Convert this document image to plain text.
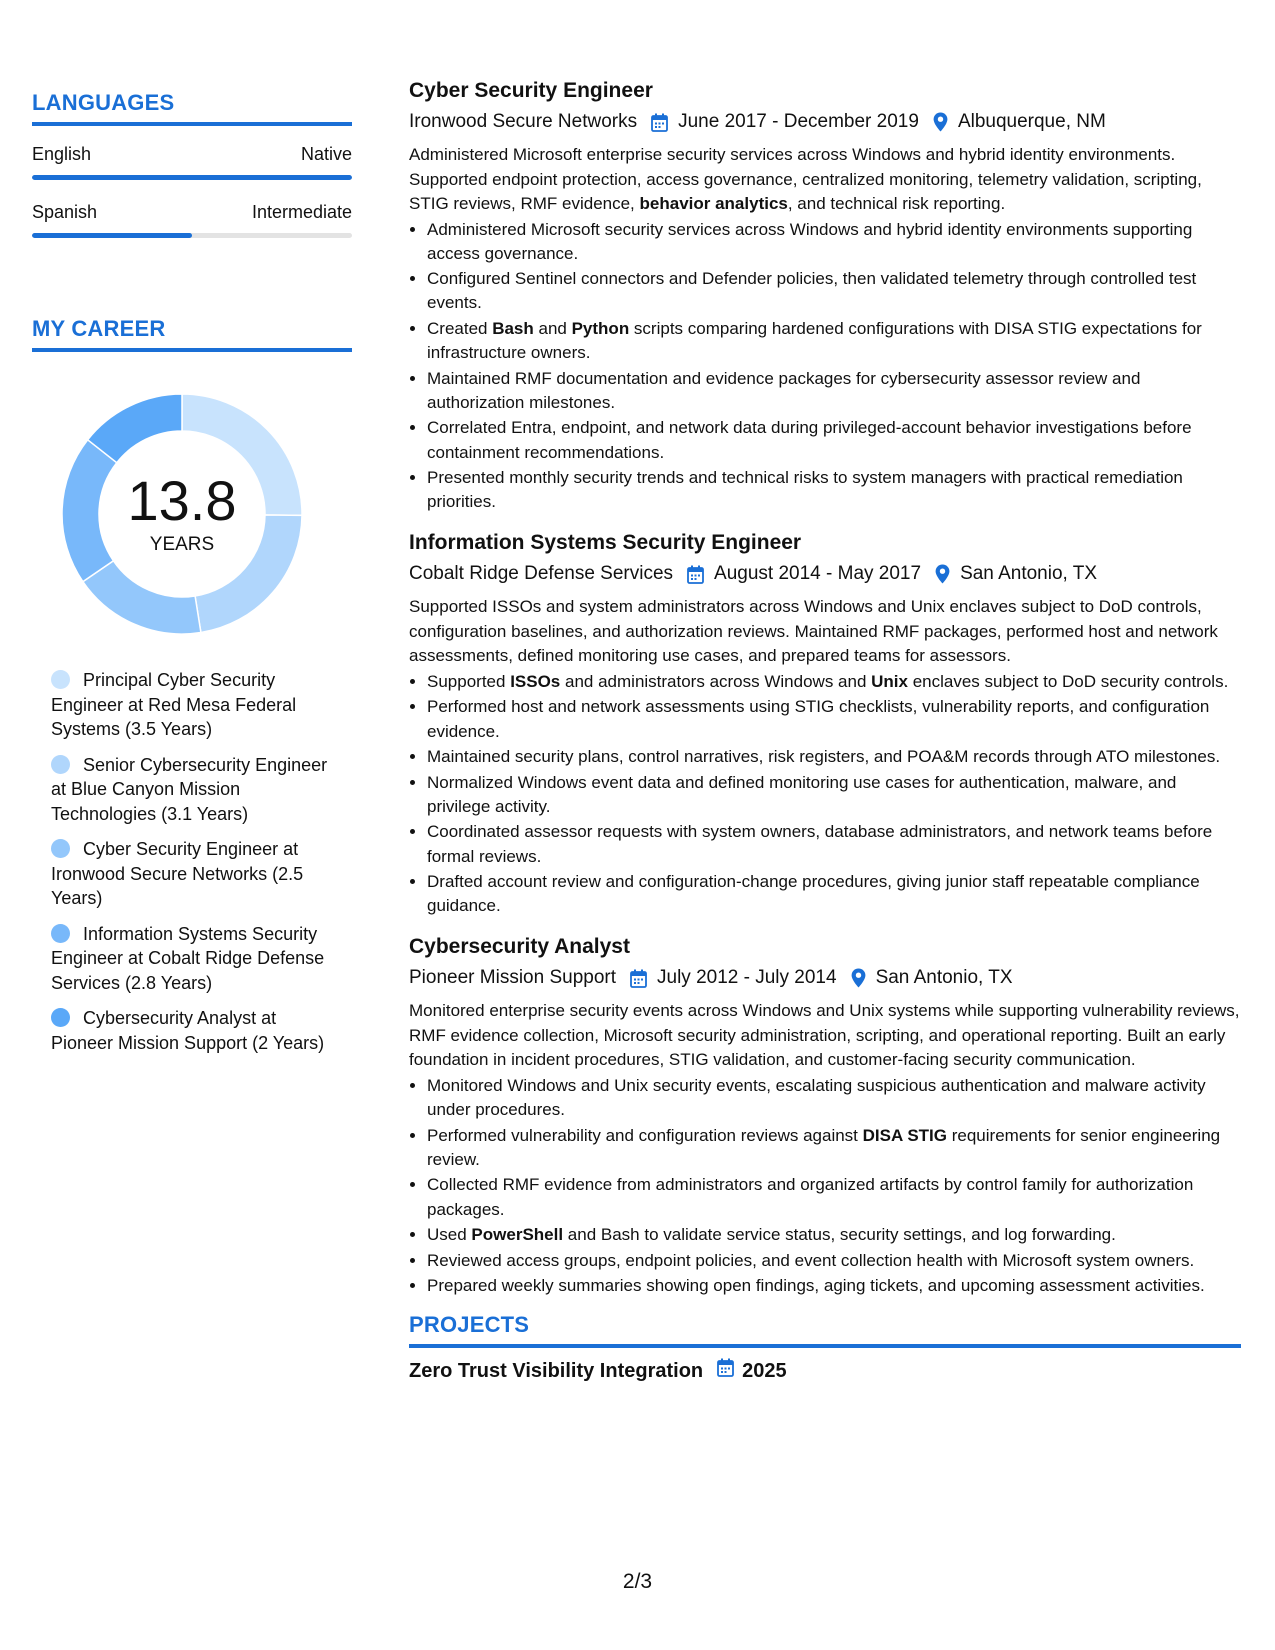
LANGUAGES
English	Native
Spanish	Intermediate
MY CAREER
13.8
YEARS
Principal Cyber Security Engineer at Red Mesa Federal Systems (3.5 Years)
Senior Cybersecurity Engineer at Blue Canyon Mission Technologies (3.1 Years)
Cyber Security Engineer at Ironwood Secure Networks (2.5 Years)
Information Systems Security Engineer at Cobalt Ridge Defense Services (2.8 Years)
Cybersecurity Analyst at Pioneer Mission Support (2 Years)
Cyber Security Engineer
Ironwood Secure Networks June 2017 - December 2019 Albuquerque, NM

Administered Microsoft enterprise security services across Windows and hybrid identity environments. Supported endpoint protection, access governance, centralized monitoring, telemetry validation, scripting, STIG reviews, RMF evidence, behavior analytics, and technical risk reporting.

• Administered Microsoft security services across Windows and hybrid identity environments supporting access governance.
• Configured Sentinel connectors and Defender policies, then validated telemetry through controlled test events.
• Created Bash and Python scripts comparing hardened configurations with DISA STIG expectations for infrastructure owners.
• Maintained RMF documentation and evidence packages for cybersecurity assessor review and authorization milestones.
• Correlated Entra, endpoint, and network data during privileged-account behavior investigations before containment recommendations.
• Presented monthly security trends and technical risks to system managers with practical remediation priorities.
Information Systems Security Engineer
Cobalt Ridge Defense Services August 2014 - May 2017 San Antonio, TX

Supported ISSOs and system administrators across Windows and Unix enclaves subject to DoD controls, configuration baselines, and authorization reviews. Maintained RMF packages, performed host and network assessments, defined monitoring use cases, and prepared teams for assessors.

• Supported ISSOs and administrators across Windows and Unix enclaves subject to DoD security controls.
• Performed host and network assessments using STIG checklists, vulnerability reports, and configuration evidence.
• Maintained security plans, control narratives, risk registers, and POA&M records through ATO milestones.
• Normalized Windows event data and defined monitoring use cases for authentication, malware, and privilege activity.
• Coordinated assessor requests with system owners, database administrators, and network teams before formal reviews.
• Drafted account review and configuration-change procedures, giving junior staff repeatable compliance guidance.
Cybersecurity Analyst
Pioneer Mission Support July 2012 - July 2014 San Antonio, TX

Monitored enterprise security events across Windows and Unix systems while supporting vulnerability reviews, RMF evidence collection, Microsoft security administration, scripting, and operational reporting. Built an early foundation in incident procedures, STIG validation, and customer-facing security communication.

• Monitored Windows and Unix security events, escalating suspicious authentication and malware activity under procedures.
• Performed vulnerability and configuration reviews against DISA STIG requirements for senior engineering review.
• Collected RMF evidence from administrators and organized artifacts by control family for authorization packages.
• Used PowerShell and Bash to validate service status, security settings, and log forwarding.
• Reviewed access groups, endpoint policies, and event collection health with Microsoft system owners.
• Prepared weekly summaries showing open findings, aging tickets, and upcoming assessment activities.
PROJECTS
Zero Trust Visibility Integration 2025
2/3
